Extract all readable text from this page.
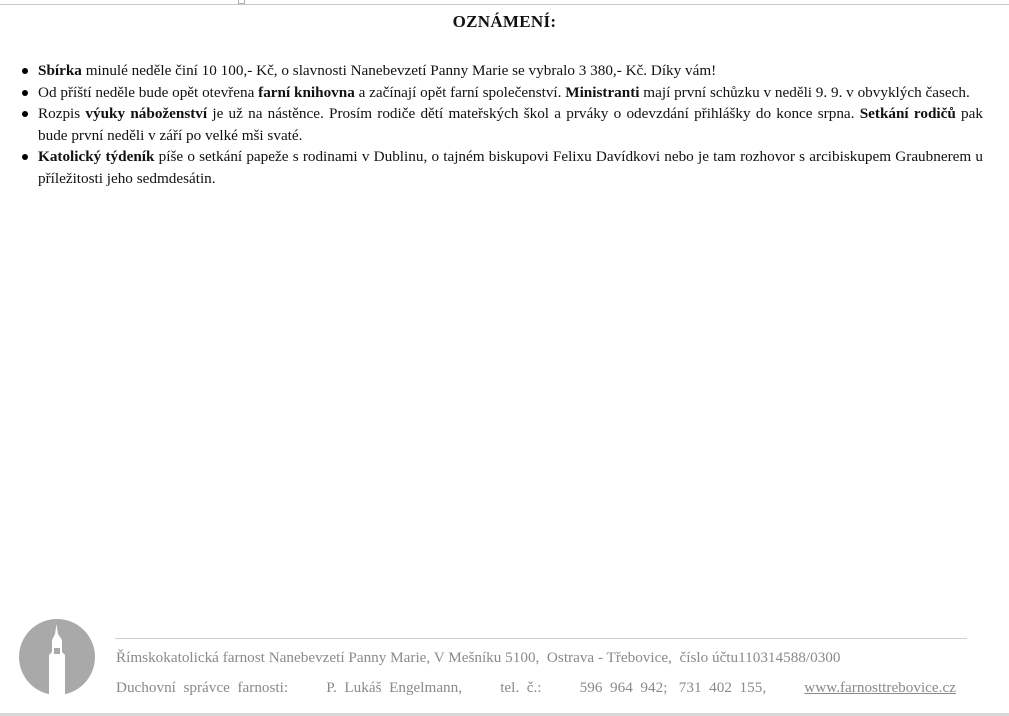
OZNÁMENÍ:
Sbírka minulé neděle činí 10 100,- Kč, o slavnosti Nanebevzetí Panny Marie se vybralo 3 380,- Kč. Díky vám!
Od příští neděle bude opět otevřena farní knihovna a začínají opět farní společenství. Ministranti mají první schůzku v neděli 9. 9. v obvyklých časech.
Rozpis výuky náboženství je už na nástěnce. Prosím rodiče dětí mateřských škol a prváky o odevzdání přihlášky do konce srpna. Setkání rodičů pak bude první neděli v září po velké mši svaté.
Katolický týdeník píše o setkání papeže s rodinami v Dublinu, o tajném biskupovi Felixu Davídkovi nebo je tam rozhovor s arcibiskupem Graubnerem u příležitosti jeho sedmdesátin.
Římskokatolická farnost Nanebevzetí Panny Marie, V Mešníku 5100,  Ostrava - Třebovice,  číslo účtu110314588/0300
Duchovní  správce  farnosti:	P.  Lukáš  Engelmann,	tel.  č.:	596  964  942;   731  402  155,	www.farnosttrebovice.cz
